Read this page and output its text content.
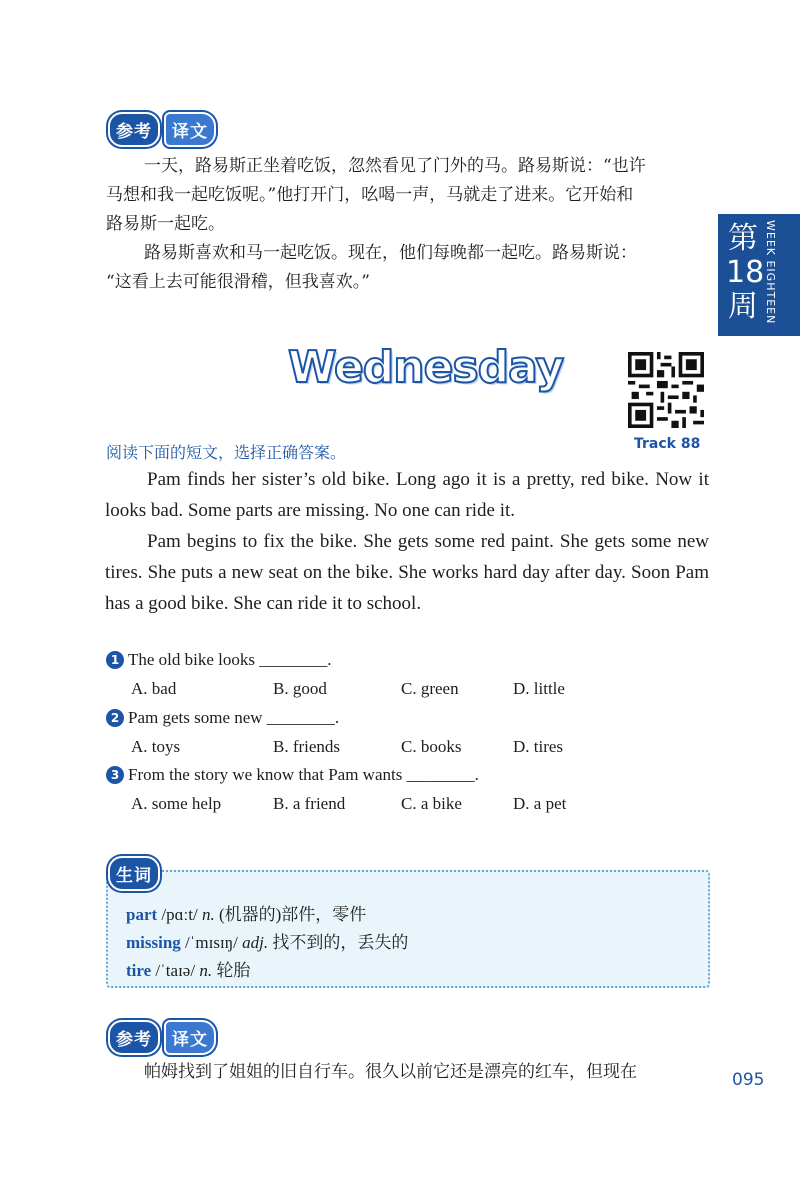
参考	译文
一天，路易斯正坐着吃饭，忽然看见了门外的马。路易斯说：“也许
马想和我一起吃饭呢。”他打开门，吆喝一声，马就走了进来。它开始和
路易斯一起吃。
路易斯喜欢和马一起吃饭。现在，他们每晚都一起吃。路易斯说：
“这看上去可能很滑稽，但我喜欢。”
第18周 WEEK EIGHTEEN
Wednesday
Track 88
阅读下面的短文，选择正确答案。
Pam finds her sister’s old bike. Long ago it is a pretty, red bike. Now it looks bad. Some parts are missing. No one can ride it.
Pam begins to fix the bike. She gets some red paint. She gets some new tires. She puts a new seat on the bike. She works hard day after day. Soon Pam has a good bike. She can ride it to school.
1 The old bike looks ________.
A. bad	B. good	C. green	D. little
2 Pam gets some new ________.
A. toys	B. friends	C. books	D. tires
3 From the story we know that Pam wants ________.
A. some help	B. a friend	C. a bike	D. a pet
part /pɑːt/ n. (机器的)部件，零件
missing /ˈmɪsɪŋ/ adj. 找不到的，丢失的
tire /ˈtaɪə/ n. 轮胎
生词
参考	译文
帕姆找到了姐姐的旧自行车。很久以前它还是漂亮的红车，但现在	095
